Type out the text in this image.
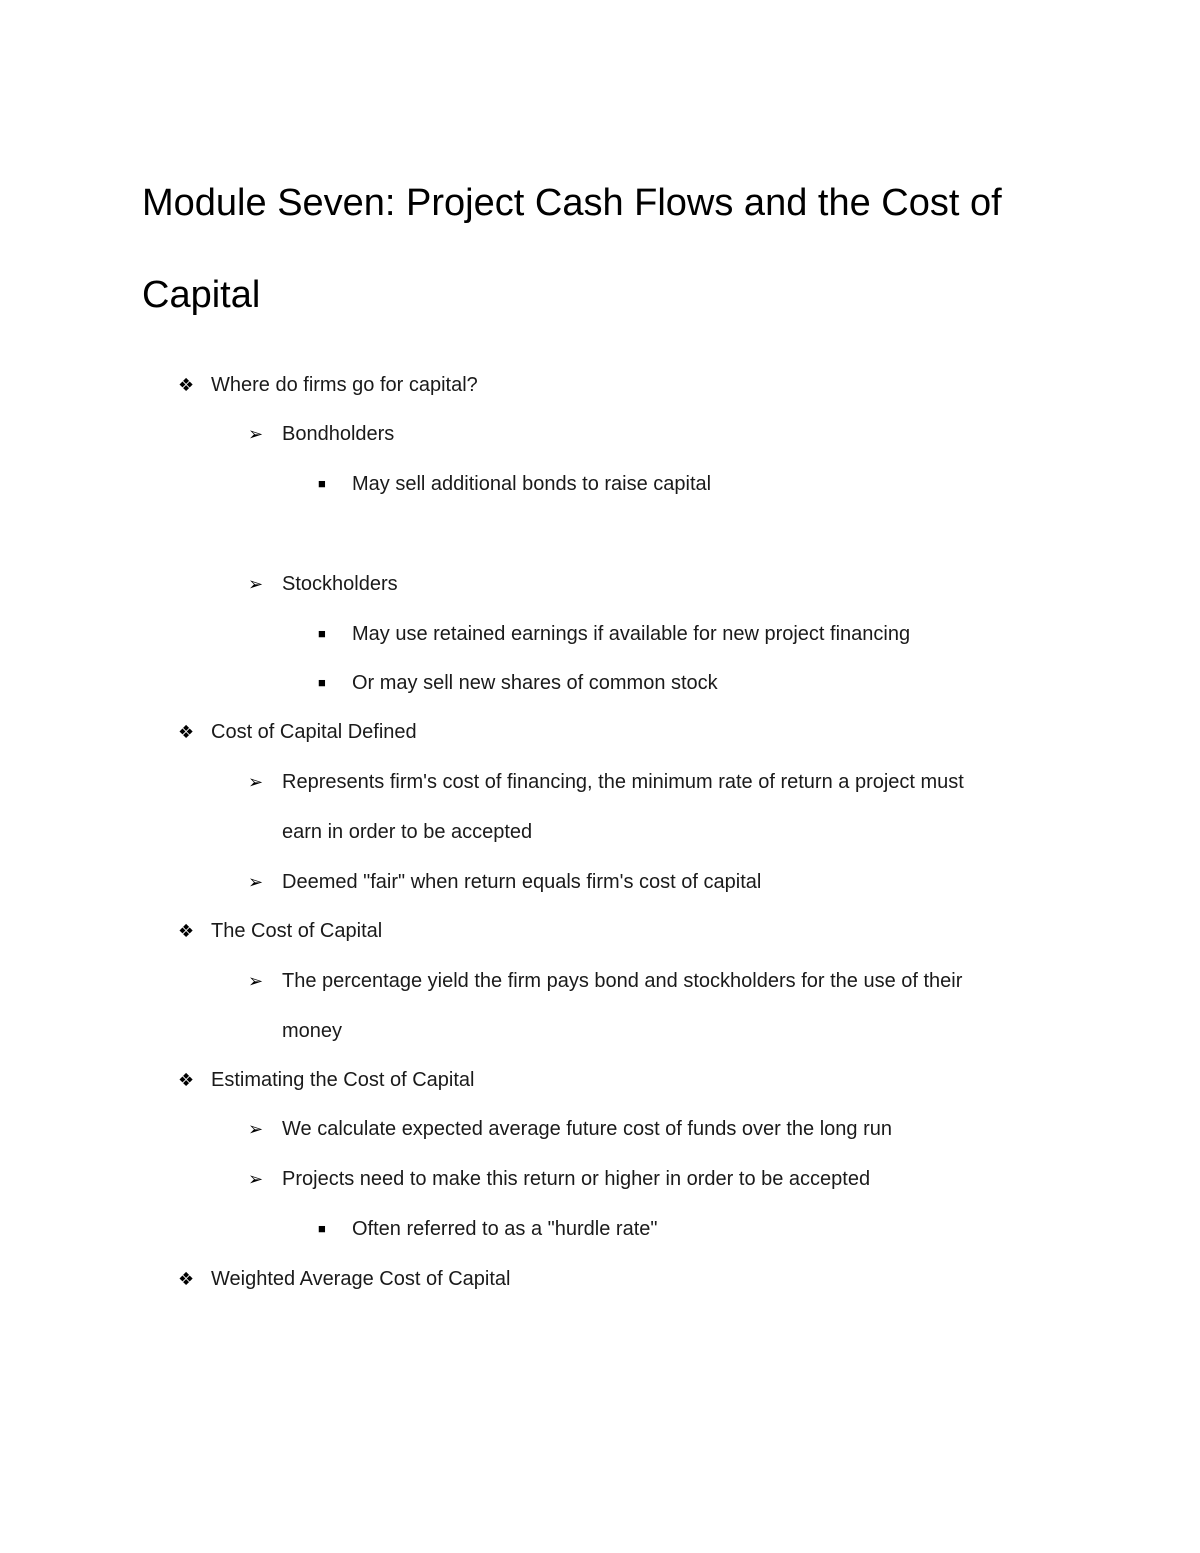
Module Seven: Project Cash Flows and the Cost of
Capital
❖ Where do firms go for capital?
➢ Bondholders
■ May sell additional bonds to raise capital
➢ Stockholders
■ May use retained earnings if available for new project financing
■ Or may sell new shares of common stock
❖ Cost of Capital Defined
➢ Represents firm's cost of financing, the minimum rate of return a project must
earn in order to be accepted
➢ Deemed "fair" when return equals firm's cost of capital
❖ The Cost of Capital
➢ The percentage yield the firm pays bond and stockholders for the use of their
money
❖ Estimating the Cost of Capital
➢ We calculate expected average future cost of funds over the long run
➢ Projects need to make this return or higher in order to be accepted
■ Often referred to as a "hurdle rate"
❖ Weighted Average Cost of Capital
